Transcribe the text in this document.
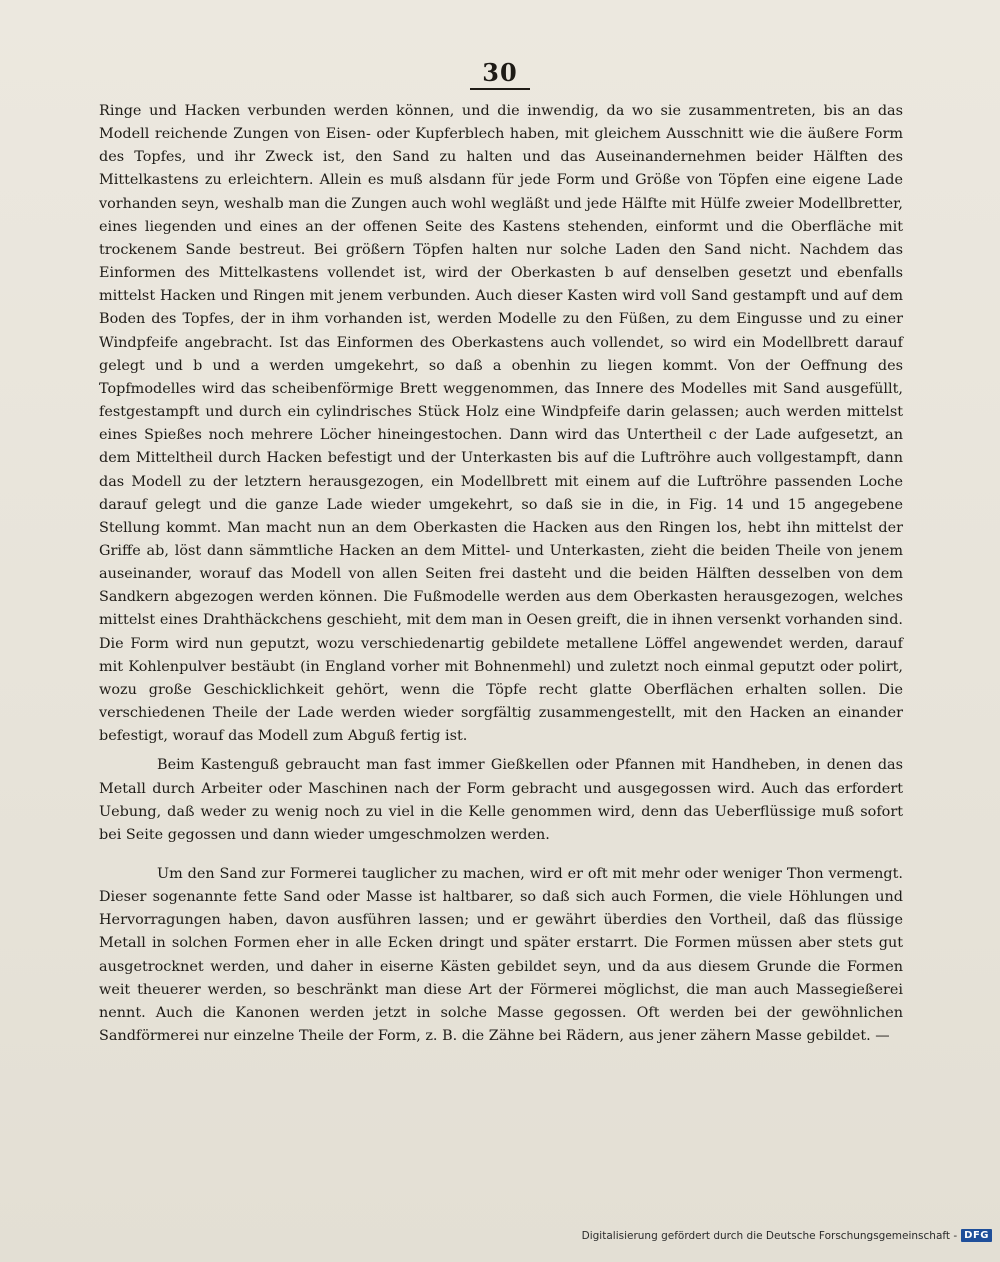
30

Ringe und Hacken verbunden werden können, und die inwendig, da wo sie zusammentreten, bis an das Modell reichende Zungen von Eisen- oder Kupferblech haben, mit gleichem Ausschnitt wie die äußere Form des Topfes, und ihr Zweck ist, den Sand zu halten und das Auseinandernehmen beider Hälften des Mittelkastens zu erleichtern. Allein es muß alsdann für jede Form und Größe von Töpfen eine eigene Lade vorhanden seyn, weshalb man die Zungen auch wohl wegläßt und jede Hälfte mit Hülfe zweier Modellbretter, eines liegenden und eines an der offenen Seite des Kastens stehenden, einformt und die Oberfläche mit trockenem Sande bestreut. Bei größern Töpfen halten nur solche Laden den Sand nicht. Nachdem das Einformen des Mittelkastens vollendet ist, wird der Oberkasten b auf denselben gesetzt und ebenfalls mittelst Hacken und Ringen mit jenem verbunden. Auch dieser Kasten wird voll Sand gestampft und auf dem Boden des Topfes, der in ihm vorhanden ist, werden Modelle zu den Füßen, zu dem Eingusse und zu einer Windpfeife angebracht. Ist das Einformen des Oberkastens auch vollendet, so wird ein Modellbrett darauf gelegt und b und a werden umgekehrt, so daß a obenhin zu liegen kommt. Von der Oeffnung des Topfmodelles wird das scheibenförmige Brett weggenommen, das Innere des Modelles mit Sand ausgefüllt, festgestampft und durch ein cylindrisches Stück Holz eine Windpfeife darin gelassen; auch werden mittelst eines Spießes noch mehrere Löcher hineingestochen. Dann wird das Untertheil c der Lade aufgesetzt, an dem Mitteltheil durch Hacken befestigt und der Unterkasten bis auf die Luftröhre auch vollgestampft, dann das Modell zu der letztern herausgezogen, ein Modellbrett mit einem auf die Luftröhre passenden Loche darauf gelegt und die ganze Lade wieder umgekehrt, so daß sie in die, in Fig. 14 und 15 angegebene Stellung kommt. Man macht nun an dem Oberkasten die Hacken aus den Ringen los, hebt ihn mittelst der Griffe ab, löst dann sämmtliche Hacken an dem Mittel- und Unterkasten, zieht die beiden Theile von jenem auseinander, worauf das Modell von allen Seiten frei dasteht und die beiden Hälften desselben von dem Sandkern abgezogen werden können. Die Fußmodelle werden aus dem Oberkasten herausgezogen, welches mittelst eines Drahthäckchens geschieht, mit dem man in Oesen greift, die in ihnen versenkt vorhanden sind. Die Form wird nun geputzt, wozu verschiedenartig gebildete metallene Löffel angewendet werden, darauf mit Kohlenpulver bestäubt (in England vorher mit Bohnenmehl) und zuletzt noch einmal geputzt oder polirt, wozu große Geschicklichkeit gehört, wenn die Töpfe recht glatte Oberflächen erhalten sollen. Die verschiedenen Theile der Lade werden wieder sorgfältig zusammengestellt, mit den Hacken an einander befestigt, worauf das Modell zum Abguß fertig ist.

Beim Kastenguß gebraucht man fast immer Gießkellen oder Pfannen mit Handheben, in denen das Metall durch Arbeiter oder Maschinen nach der Form gebracht und ausgegossen wird. Auch das erfordert Uebung, daß weder zu wenig noch zu viel in die Kelle genommen wird, denn das Ueberflüssige muß sofort bei Seite gegossen und dann wieder umgeschmolzen werden.

Um den Sand zur Formerei tauglicher zu machen, wird er oft mit mehr oder weniger Thon vermengt. Dieser sogenannte fette Sand oder Masse ist haltbarer, so daß sich auch Formen, die viele Höhlungen und Hervorragungen haben, davon ausführen lassen; und er gewährt überdies den Vortheil, daß das flüssige Metall in solchen Formen eher in alle Ecken dringt und später erstarrt. Die Formen müssen aber stets gut ausgetrocknet werden, und daher in eiserne Kästen gebildet seyn, und da aus diesem Grunde die Formen weit theuerer werden, so beschränkt man diese Art der Förmerei möglichst, die man auch Massegießerei nennt. Auch die Kanonen werden jetzt in solche Masse gegossen. Oft werden bei der gewöhnlichen Sandförmerei nur einzelne Theile der Form, z. B. die Zähne bei Rädern, aus jener zähern Masse gebildet. —

Digitalisierung gefördert durch die Deutsche Forschungsgemeinschaft - DFG
